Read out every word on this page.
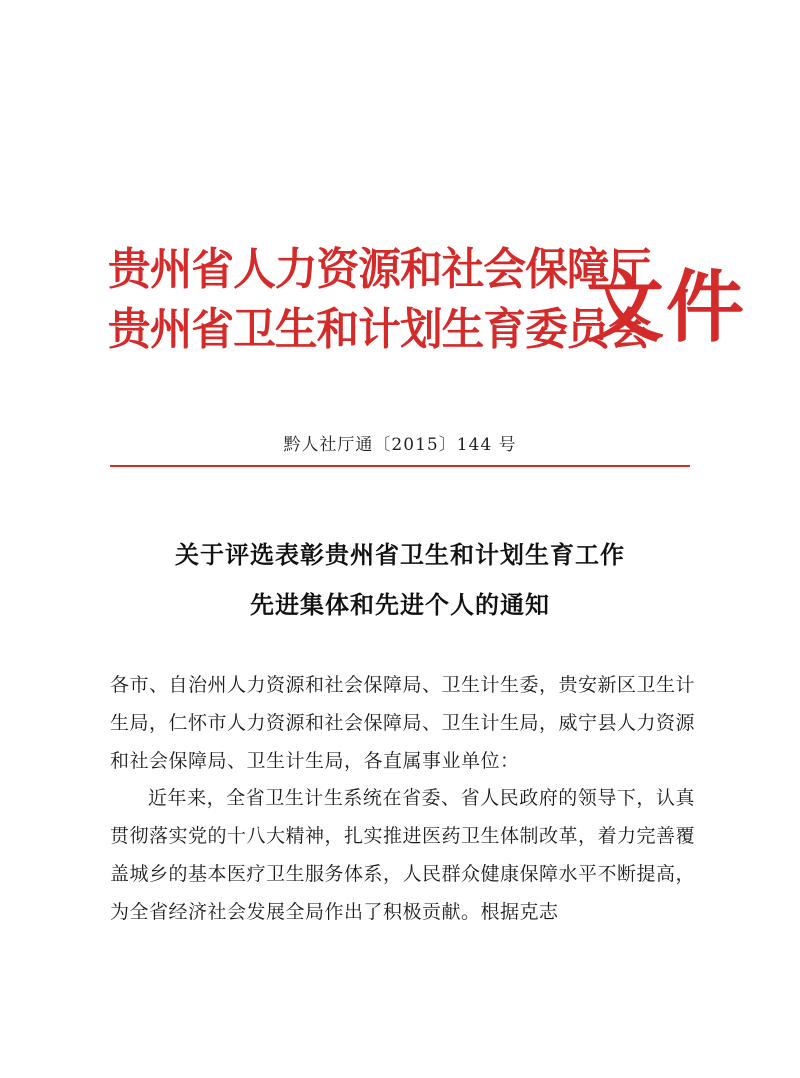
贵州省人力资源和社会保障厅
贵州省卫生和计划生育委员会
文件
黔人社厅通〔2015〕144 号
关于评选表彰贵州省卫生和计划生育工作
先进集体和先进个人的通知

各市、自治州人力资源和社会保障局、卫生计生委，贵安新区卫生计生局，仁怀市人力资源和社会保障局、卫生计生局，威宁县人力资源和社会保障局、卫生计生局，各直属事业单位：

近年来，全省卫生计生系统在省委、省人民政府的领导下，认真贯彻落实党的十八大精神，扎实推进医药卫生体制改革，着力完善覆盖城乡的基本医疗卫生服务体系，人民群众健康保障水平不断提高，为全省经济社会发展全局作出了积极贡献。根据克志
